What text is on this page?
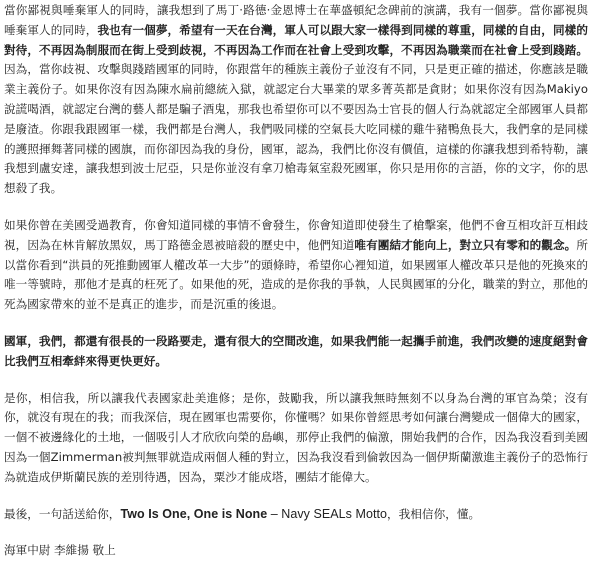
當你鄙視與唾棄軍人的同時，讓我想到了馬丁·路德·金恩博士在華盛頓紀念碑前的演講，我有一個夢。當你鄙視與唾棄軍人的同時，我也有一個夢，希望有一天在台灣，軍人可以跟大家一樣得到同樣的尊重，同樣的自由，同樣的對待，不再因為制服而在街上受到歧視，不再因為工作而在社會上受到攻擊，不再因為職業而在社會上受到踐踏。因為，當你歧視、攻擊與踐踏國軍的同時，你跟當年的種族主義份子並沒有不同，只是更正確的描述，你應該是職業主義份子。如果你沒有因為陳水扁前總統入獄，就認定台大畢業的眾多菁英都是貪財；如果你沒有因為Makiyo說謊喝酒，就認定台灣的藝人都是騙子酒鬼，那我也希望你可以不要因為士官長的個人行為就認定全部國軍人員都是廢渣。你跟我跟國軍一樣，我們都是台灣人，我們吸同樣的空氣長大吃同樣的雞牛豬鴨魚長大，我們拿的是同樣的護照揮舞著同樣的國旗，而你卻因為我的身份，國軍，認為，我們比你沒有價值，這樣的你讓我想到希特勒，讓我想到盧安達，讓我想到波士尼亞，只是你並沒有拿刀槍毒氣室殺死國軍，你只是用你的言語，你的文字，你的思想殺了我。

如果你曾在美國受過教育，你會知道同樣的事情不會發生，你會知道即使發生了槍擊案，他們不會互相攻訐互相歧視，因為在林肯解放黑奴，馬丁路德金恩被暗殺的歷史中，他們知道唯有團結才能向上，對立只有零和的觀念。所以當你看到“洪員的死推動國軍人權改革一大步”的頭條時，希望你心裡知道，如果國軍人權改革只是他的死換來的唯一等號時，那他才是真的枉死了。如果他的死，造成的是你我的爭執，人民與國軍的分化，職業的對立，那他的死為國家帶來的並不是真正的進步，而是沉重的後退。

國軍，我們，都還有很長的一段路要走，還有很大的空間改進，如果我們能一起攜手前進，我們改變的速度絕對會比我們互相牽絆來得更快更好。

是你，相信我，所以讓我代表國家赴美進修；是你，鼓勵我，所以讓我無時無刻不以身為台灣的軍官為榮；沒有你，就沒有現在的我；而我深信，現在國軍也需要你，你懂嗎？如果你曾經思考如何讓台灣變成一個偉大的國家，一個不被邊緣化的土地，一個吸引人才欣欣向榮的島嶼，那停止我們的偏激，開始我們的合作，因為我沒看到美國因為一個Zimmerman被判無罪就造成兩個人種的對立，因為我沒看到倫敦因為一個伊斯蘭激進主義份子的恐怖行為就造成伊斯蘭民族的差別待遇，因為，粟沙才能成塔，團結才能偉大。

最後，一句話送給你，Two Is One, One is None – Navy SEALs Motto，我相信你，懂。

海軍中尉 李維揚 敬上
